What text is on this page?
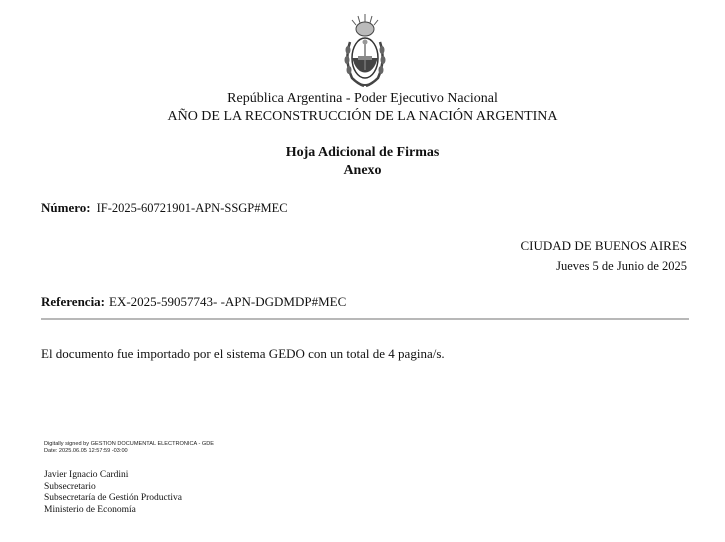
República Argentina - Poder Ejecutivo Nacional
AÑO DE LA RECONSTRUCCIÓN DE LA NACIÓN ARGENTINA
Hoja Adicional de Firmas
Anexo
Número: IF-2025-60721901-APN-SSGP#MEC
CIUDAD DE BUENOS AIRES
Jueves 5 de Junio de 2025
Referencia: EX-2025-59057743- -APN-DGDMDP#MEC
El documento fue importado por el sistema GEDO con un total de 4 pagina/s.
Digitally signed by GESTION DOCUMENTAL ELECTRONICA - GDE
Date: 2025.06.05 12:57:59 -03:00
Javier Ignacio Cardini
Subsecretario
Subsecretaría de Gestión Productiva
Ministerio de Economía
